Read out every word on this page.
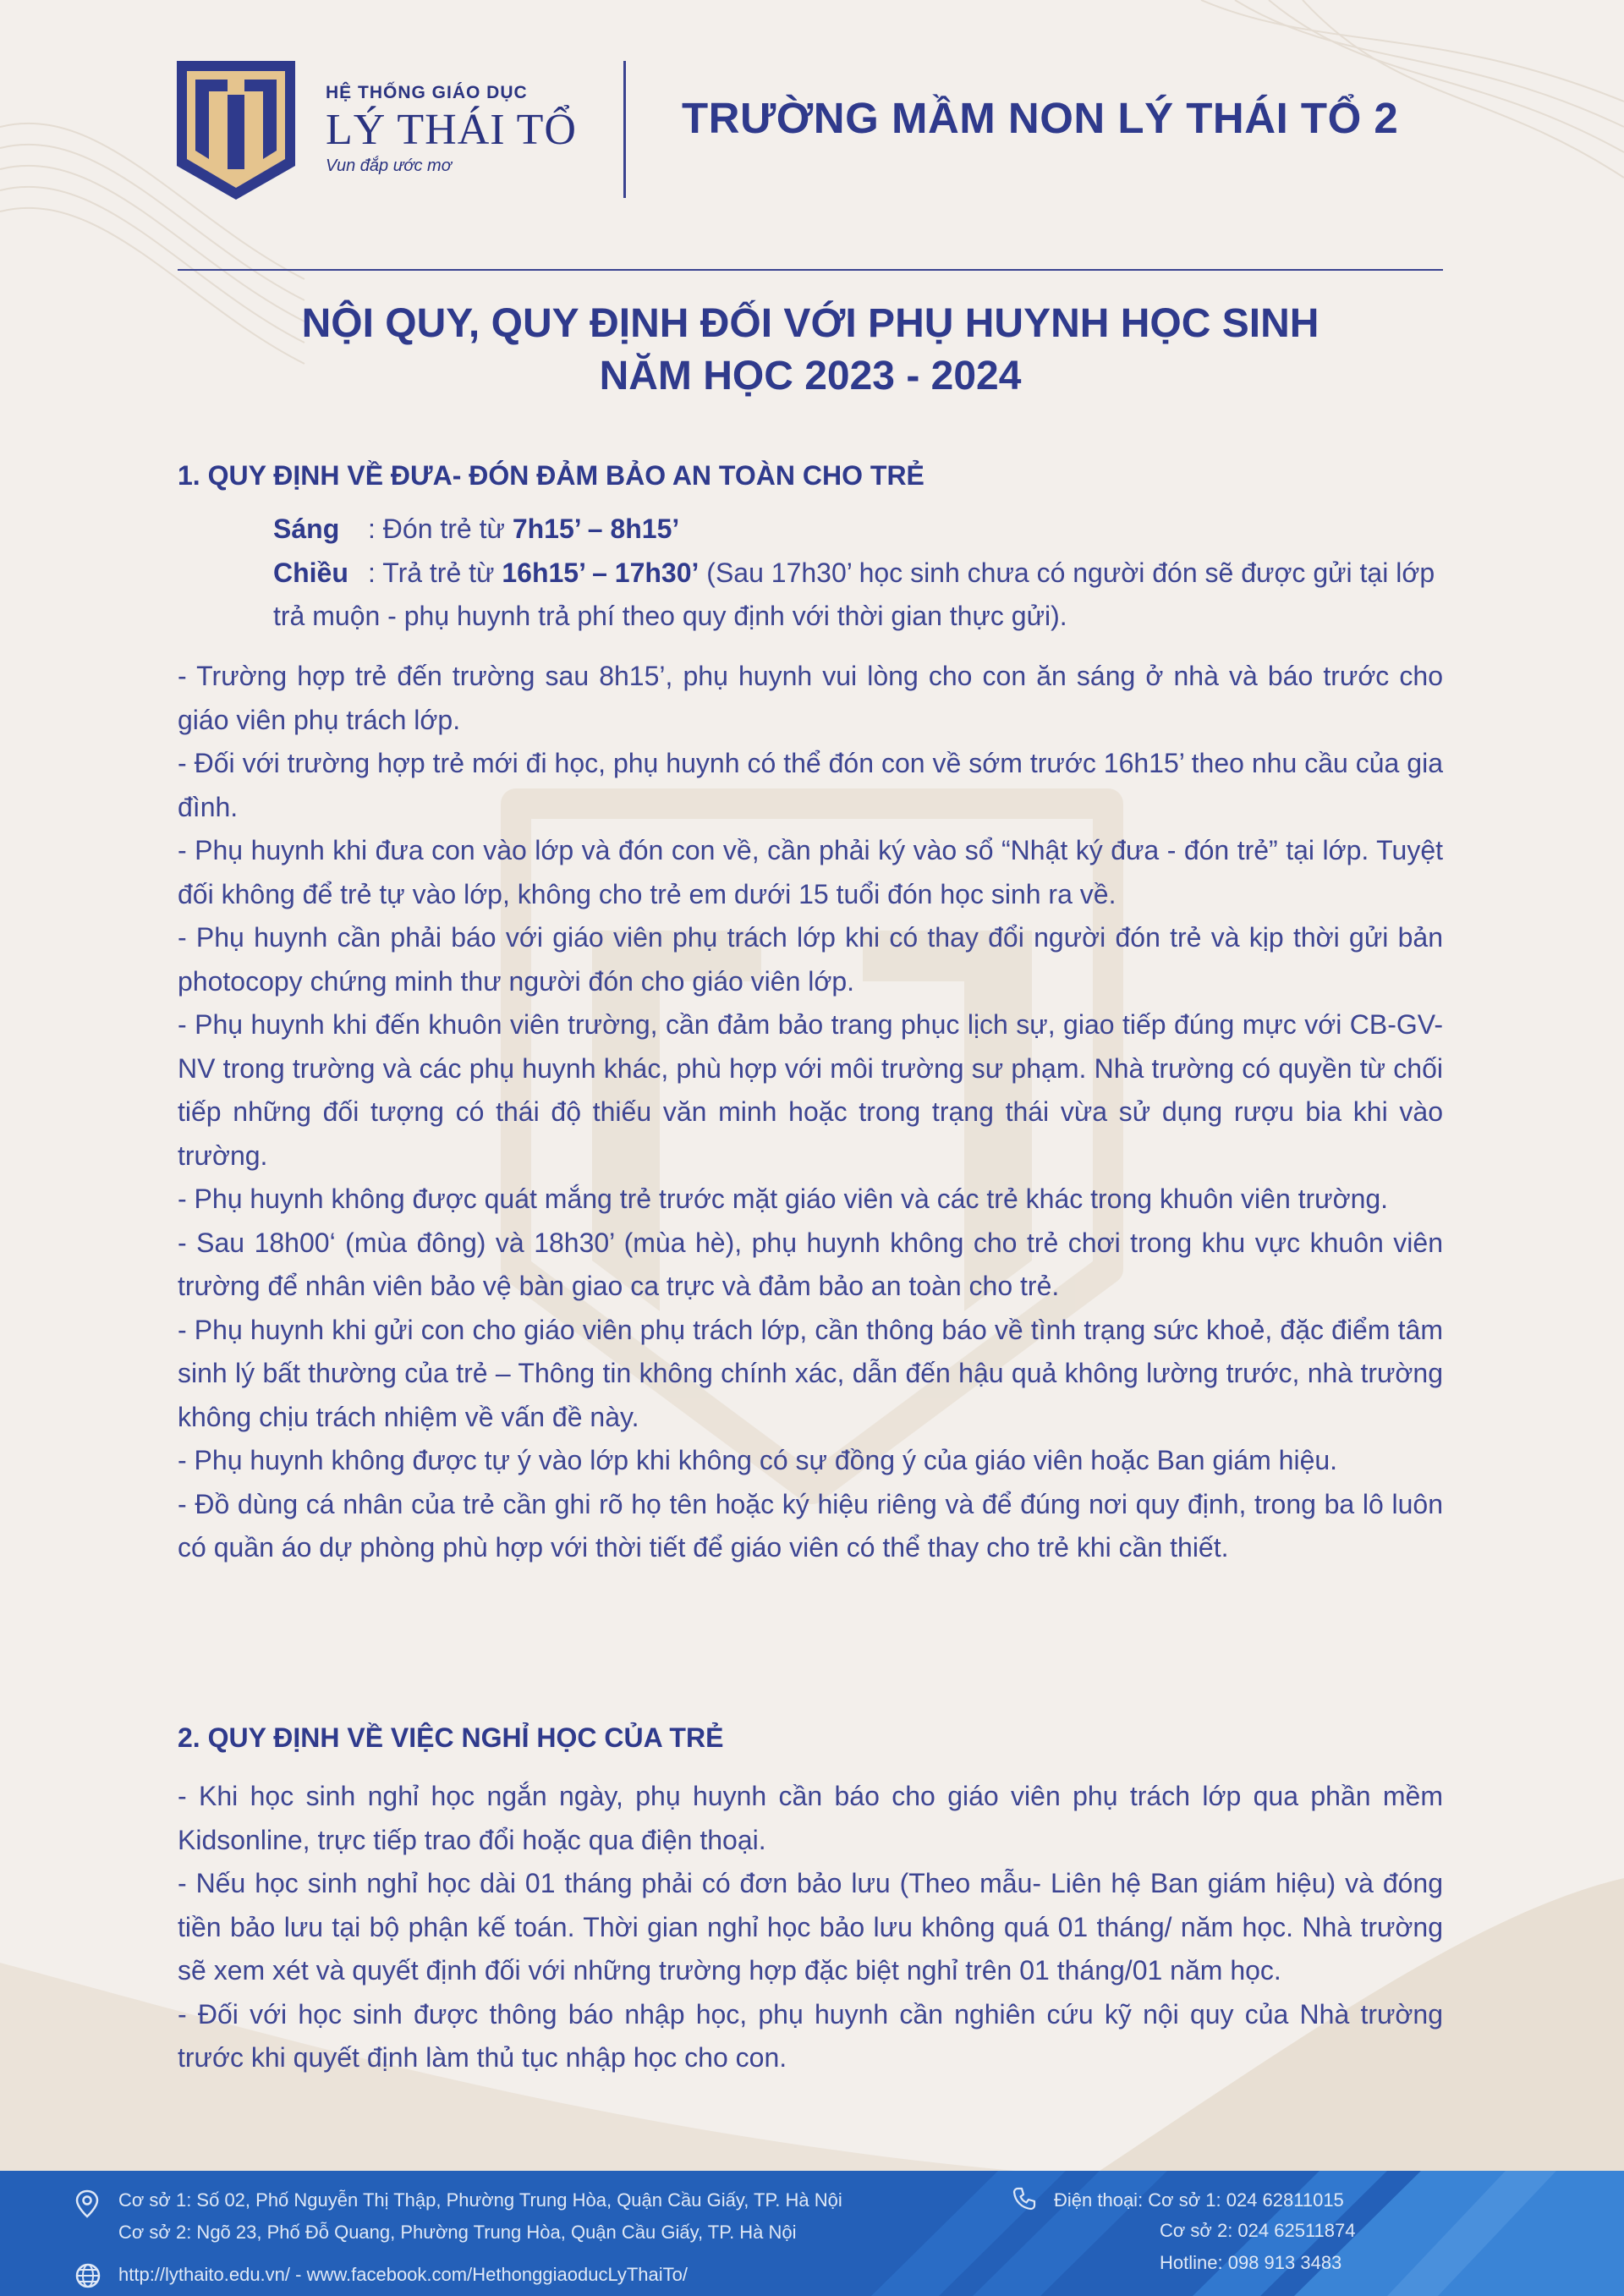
HỆ THỐNG GIÁO DỤC
LÝ THÁI TỔ
Vun đắp ước mơ
TRƯỜNG MẦM NON LÝ THÁI TỔ 2
NỘI QUY, QUY ĐỊNH ĐỐI VỚI PHỤ HUYNH HỌC SINH
NĂM HỌC 2023 - 2024
1. QUY ĐỊNH VỀ ĐƯA- ĐÓN ĐẢM BẢO AN TOÀN CHO TRẺ
Sáng : Đón trẻ từ 7h15’ – 8h15’
Chiều : Trả trẻ từ 16h15’ – 17h30’ (Sau 17h30’ học sinh chưa có người đón sẽ được gửi tại lớp trả muộn - phụ huynh trả phí theo quy định với thời gian thực gửi).

- Trường hợp trẻ đến trường sau 8h15’, phụ huynh vui lòng cho con ăn sáng ở nhà và báo trước cho giáo viên phụ trách lớp.

- Đối với trường hợp trẻ mới đi học, phụ huynh có thể đón con về sớm trước 16h15’ theo nhu cầu của gia đình.

- Phụ huynh khi đưa con vào lớp và đón con về, cần phải ký vào sổ “Nhật ký đưa - đón trẻ” tại lớp. Tuyệt đối không để trẻ tự vào lớp, không cho trẻ em dưới 15 tuổi đón học sinh ra về.

- Phụ huynh cần phải báo với giáo viên phụ trách lớp khi có thay đổi người đón trẻ và kịp thời gửi bản photocopy chứng minh thư người đón cho giáo viên lớp.

- Phụ huynh khi đến khuôn viên trường, cần đảm bảo trang phục lịch sự, giao tiếp đúng mực với CB-GV-NV trong trường và các phụ huynh khác, phù hợp với môi trường sư phạm. Nhà trường có quyền từ chối tiếp những đối tượng có thái độ thiếu văn minh hoặc trong trạng thái vừa sử dụng rượu bia khi vào trường.

- Phụ huynh không được quát mắng trẻ trước mặt giáo viên và các trẻ khác trong khuôn viên trường.

- Sau 18h00‘ (mùa đông) và 18h30’ (mùa hè), phụ huynh không cho trẻ chơi trong khu vực khuôn viên trường để nhân viên bảo vệ bàn giao ca trực và đảm bảo an toàn cho trẻ.

- Phụ huynh khi gửi con cho giáo viên phụ trách lớp, cần thông báo về tình trạng sức khoẻ, đặc điểm tâm sinh lý bất thường của trẻ – Thông tin không chính xác, dẫn đến hậu quả không lường trước, nhà trường không chịu trách nhiệm về vấn đề này.

- Phụ huynh không được tự ý vào lớp khi không có sự đồng ý của giáo viên hoặc Ban giám hiệu.

- Đồ dùng cá nhân của trẻ cần ghi rõ họ tên hoặc ký hiệu riêng và để đúng nơi quy định, trong ba lô luôn có quần áo dự phòng phù hợp với thời tiết để giáo viên có thể thay cho trẻ khi cần thiết.

2. QUY ĐỊNH VỀ VIỆC NGHỈ HỌC CỦA TRẺ

- Khi học sinh nghỉ học ngắn ngày, phụ huynh cần báo cho giáo viên phụ trách lớp qua phần mềm Kidsonline, trực tiếp trao đổi hoặc qua điện thoại.

- Nếu học sinh nghỉ học dài 01 tháng phải có đơn bảo lưu (Theo mẫu- Liên hệ Ban giám hiệu) và đóng tiền bảo lưu tại bộ phận kế toán. Thời gian nghỉ học bảo lưu không quá 01 tháng/ năm học. Nhà trường sẽ xem xét và quyết định đối với những trường hợp đặc biệt nghỉ trên 01 tháng/01 năm học.

- Đối với học sinh được thông báo nhập học, phụ huynh cần nghiên cứu kỹ nội quy của Nhà trường trước khi quyết định làm thủ tục nhập học cho con.

Cơ sở 1: Số 02, Phố Nguyễn Thị Thập, Phường Trung Hòa, Quận Cầu Giấy, TP. Hà Nội
Cơ sở 2: Ngõ 23, Phố Đỗ Quang, Phường Trung Hòa, Quận Cầu Giấy, TP. Hà Nội
http://lythaito.edu.vn/ - www.facebook.com/HethonggiaoducLyThaiTo/
Điện thoại: Cơ sở 1: 024 62811015
Cơ sở 2: 024 62511874
Hotline: 098 913 3483
